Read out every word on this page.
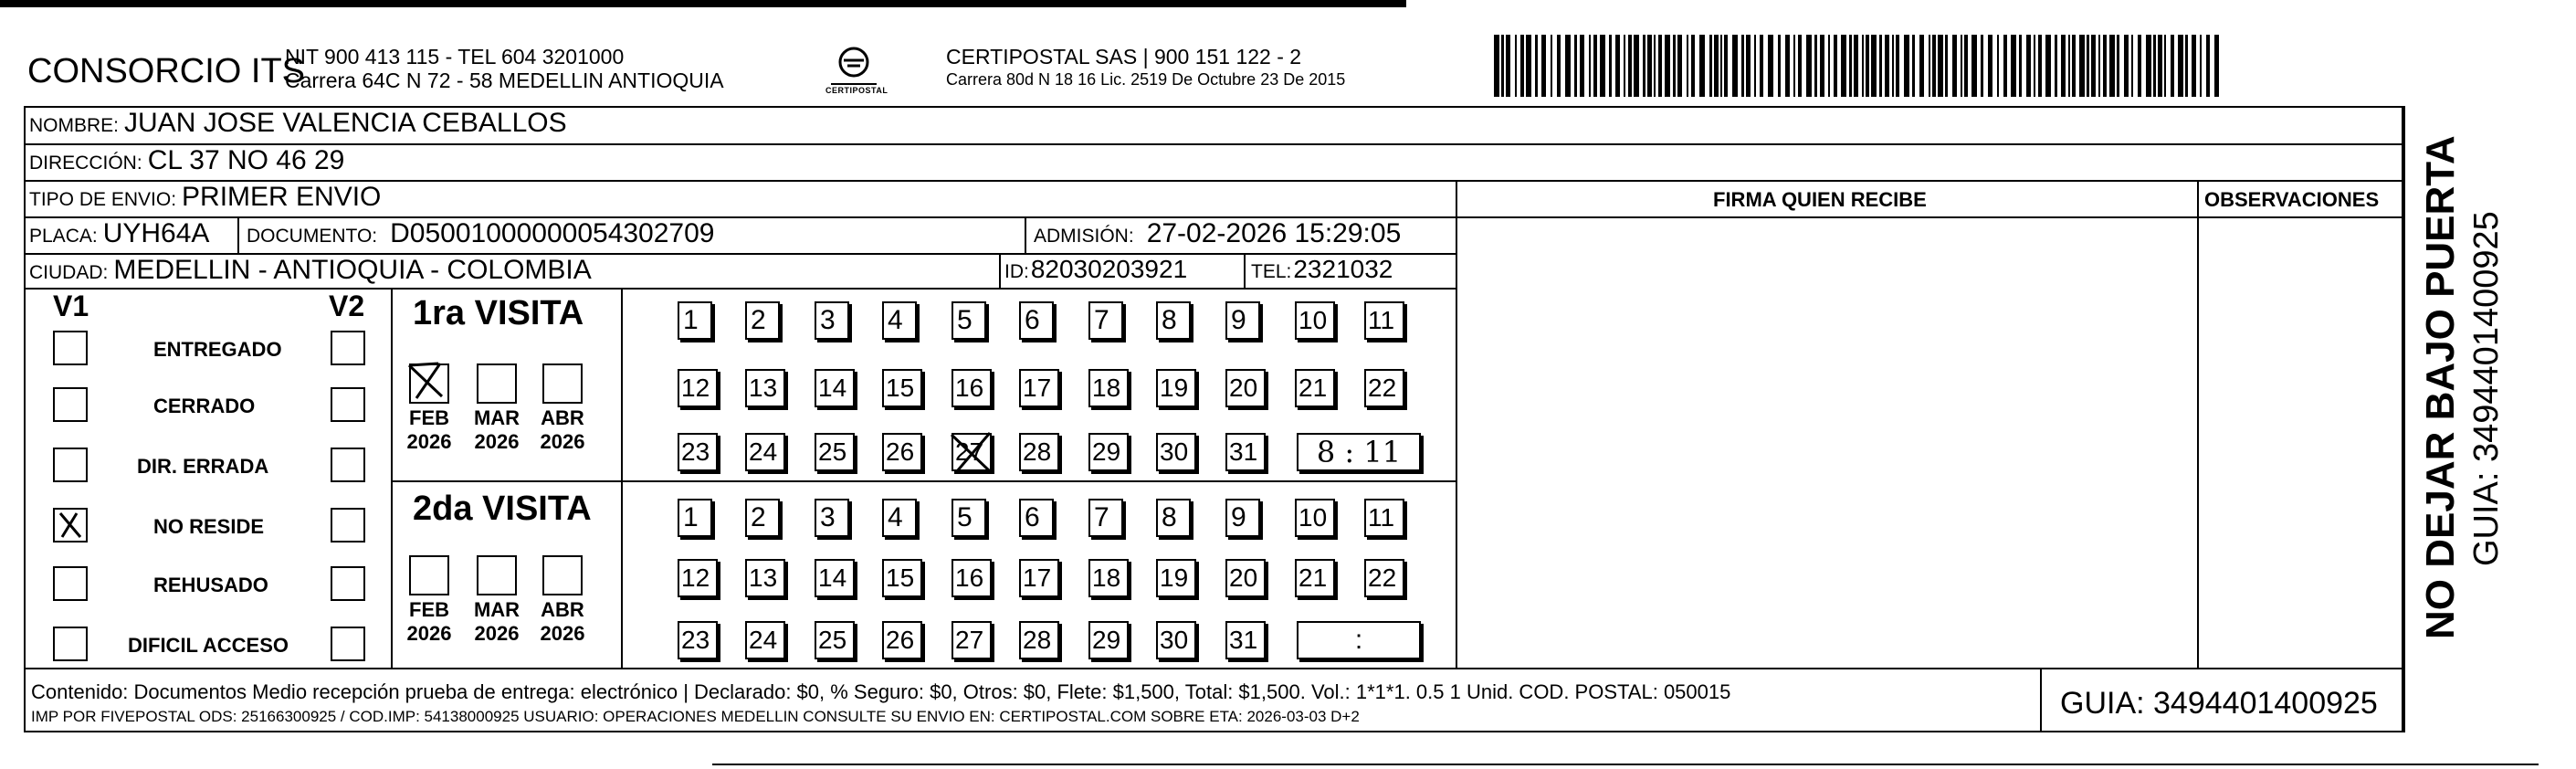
CONSORCIO ITS
NIT 900 413 115 - TEL 604 3201000
Carrera 64C N 72 - 58 MEDELLIN ANTIOQUIA	CERTIPOSTAL
CERTIPOSTAL SAS | 900 151 122 - 2
Carrera 80d N 18 16 Lic. 2519 De Octubre 23 De 2015
NOMBRE: JUAN JOSE VALENCIA CEBALLOS
DIRECCIÓN: CL 37 NO 46 29
TIPO DE ENVIO: PRIMER ENVIO	FIRMA QUIEN RECIBE	OBSERVACIONES
PLACA: UYH64A DOCUMENTO: D05001000000054302709	ADMISIÓN: 27-02-2026 15:29:05
CIUDAD: MEDELLIN - ANTIOQUIA - COLOMBIA	ID: 82030203921	TEL: 2321032
V1	V2
ENTREGADO
CERRADO
DIR. ERRADA
NO RESIDE
REHUSADO
DIFICIL ACCESO
1ra VISITA
FEB
2026
MAR
2026
ABR
2026
1	2	3	4	5	6	7	8	9	10	11
12	13	14	15	16	17	18	19	20	21	22
23	24	25	26	27	28	29	30	31	8 : 11
2da VISITA
FEB
2026
MAR
2026
ABR
2026
1	2	3	4	5	6	7	8	9	10	11
12	13	14	15	16	17	18	19	20	21	22
23	24	25	26	27	28	29	30	31	:
Contenido: Documentos Medio recepción prueba de entrega: electrónico | Declarado: $0, % Seguro: $0, Otros: $0, Flete: $1,500, Total: $1,500. Vol.: 1*1*1. 0.5 1 Unid. COD. POSTAL: 050015
IMP POR FIVEPOSTAL ODS: 25166300925 / COD.IMP: 54138000925 USUARIO: OPERACIONES MEDELLIN CONSULTE SU ENVIO EN: CERTIPOSTAL.COM SOBRE ETA: 2026-03-03 D+2	GUIA: 3494401400925
NO DEJAR BAJO PUERTA GUIA: 3494401400925
